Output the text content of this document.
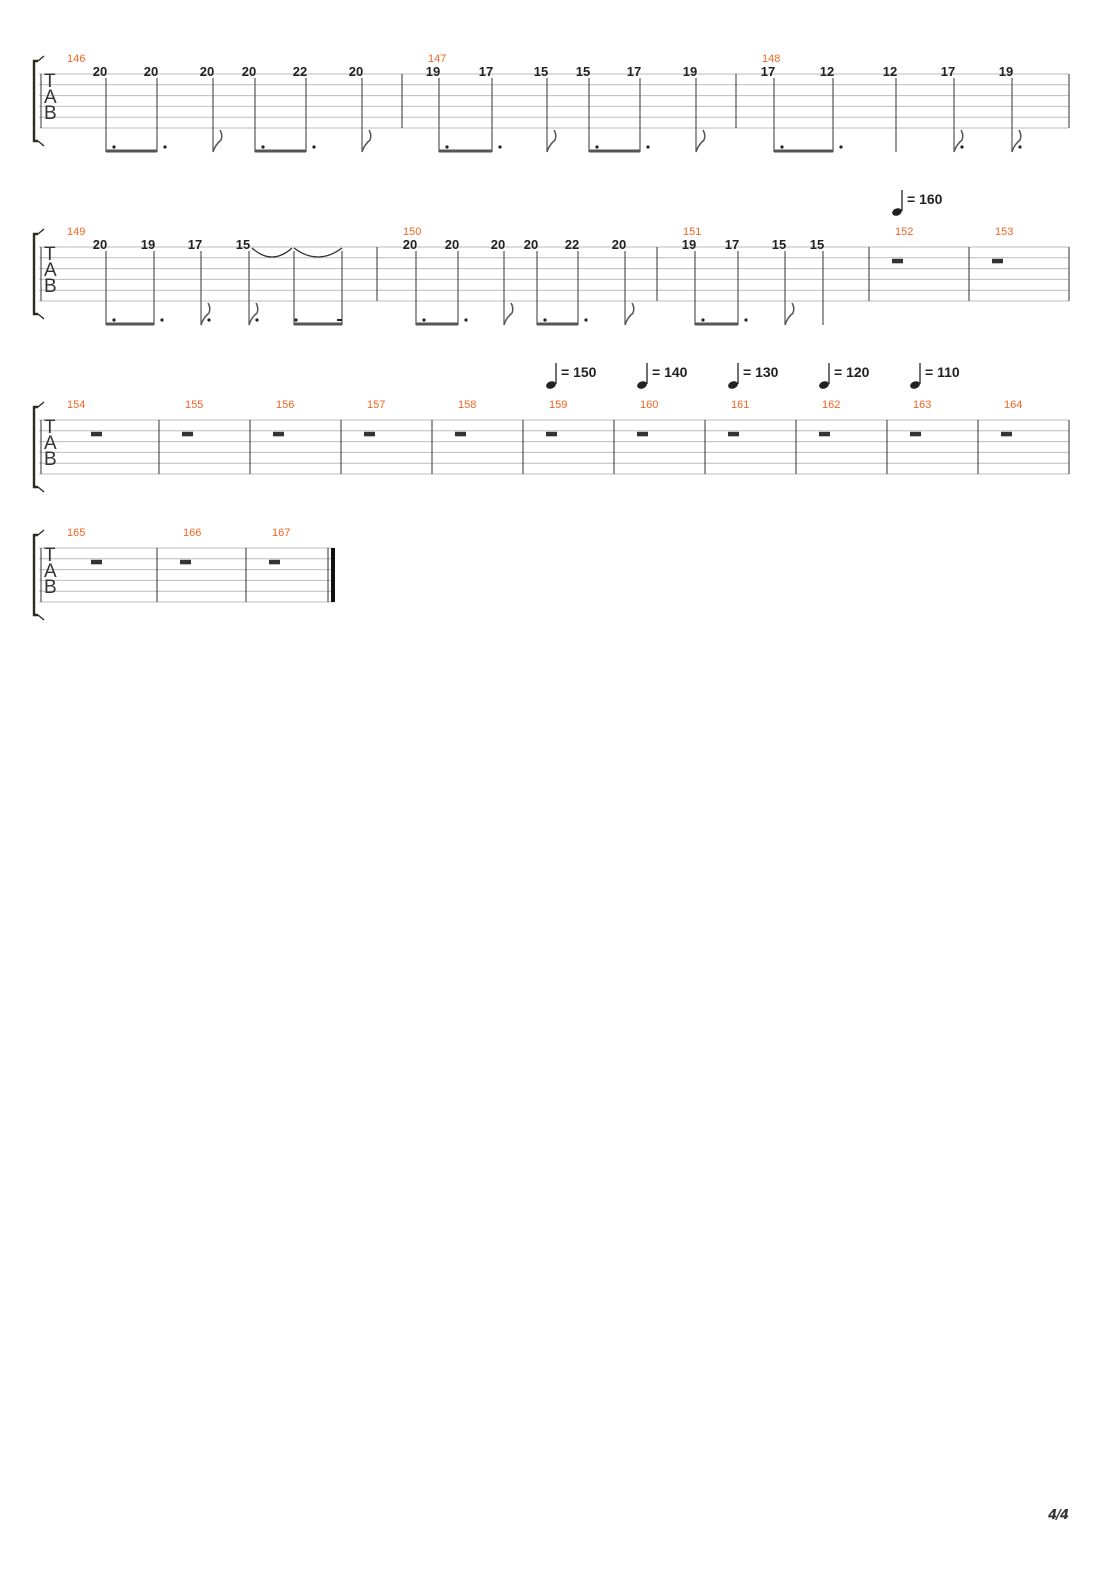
T
A
B
146
20	20	20 20	22	20
147
19	17	15 15	17	19
148
17	12	12	17	19
T
A
B
149
20	19	17	15
150
20 20 20 20 22	20
151
19 17	15 15
152	153
T
A
B
154	155	156	157	158	159	160	161	162	163	164
T
A
B
165	166	167
= 160
= 150	= 140	= 130	= 120	= 110
4/4
